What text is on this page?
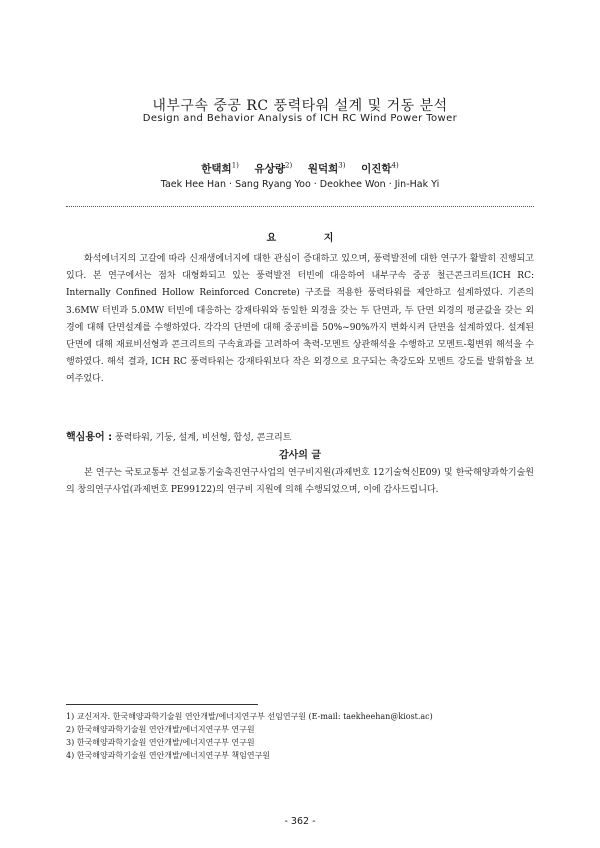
내부구속 중공 RC 풍력타워 설계 및 거동 분석
Design and Behavior Analysis of ICH RC Wind Power Tower
한택희$^{1)}$ 유상량$^{2)}$ 원덕희$^{3)}$ 이진학$^{4)}$
Taek Hee Han · Sang Ryang Yoo · Deokhee Won · Jin-Hak Yi
요 지

화석에너지의 고갈에 따라 신재생에너지에 대한 관심이 증대하고 있으며, 풍력발전에 대한 연구가 활발히 진행되고 있다. 본 연구에서는 점차 대형화되고 있는 풍력발전 터빈에 대응하여 내부구속 중공 철근콘크리트(ICH RC: Internally Confined Hollow Reinforced Concrete) 구조를 적용한 풍력타워를 제안하고 설계하였다. 기존의 3.6MW 터빈과 5.0MW 터빈에 대응하는 강재타워와 동일한 외경을 갖는 두 단면과, 두 단면 외경의 평균값을 갖는 외경에 대해 단면설계를 수행하였다. 각각의 단면에 대해 중공비를 50%~90%까지 변화시켜 단면을 설계하였다. 설계된 단면에 대해 재료비선형과 콘크리트의 구속효과를 고려하여 축력-모멘트 상관해석을 수행하고 모멘트-횡변위 해석을 수행하였다. 해석 결과, ICH RC 풍력타워는 강재타워보다 작은 외경으로 요구되는 축강도와 모멘트 강도를 발휘함을 보여주었다.

핵심용어 : 풍력타워, 기둥, 설계, 비선형, 합성, 콘크리트
감사의 글

본 연구는 국토교통부 건설교통기술촉진연구사업의 연구비지원(과제번호 12기술혁신E09) 및 한국해양과학기술원의 창의연구사업(과제번호 PE99122)의 연구비 지원에 의해 수행되었으며, 이에 감사드립니다.

1) 교신저자. 한국해양과학기술원 연안개발/에너지연구부 선임연구원 (E-mail: taekheehan@kiost.ac)
2) 한국해양과학기술원 연안개발/에너지연구부 연구원
3) 한국해양과학기술원 연안개발/에너지연구부 연구원
4) 한국해양과학기술원 연안개발/에너지연구부 책임연구원
- 362 -
